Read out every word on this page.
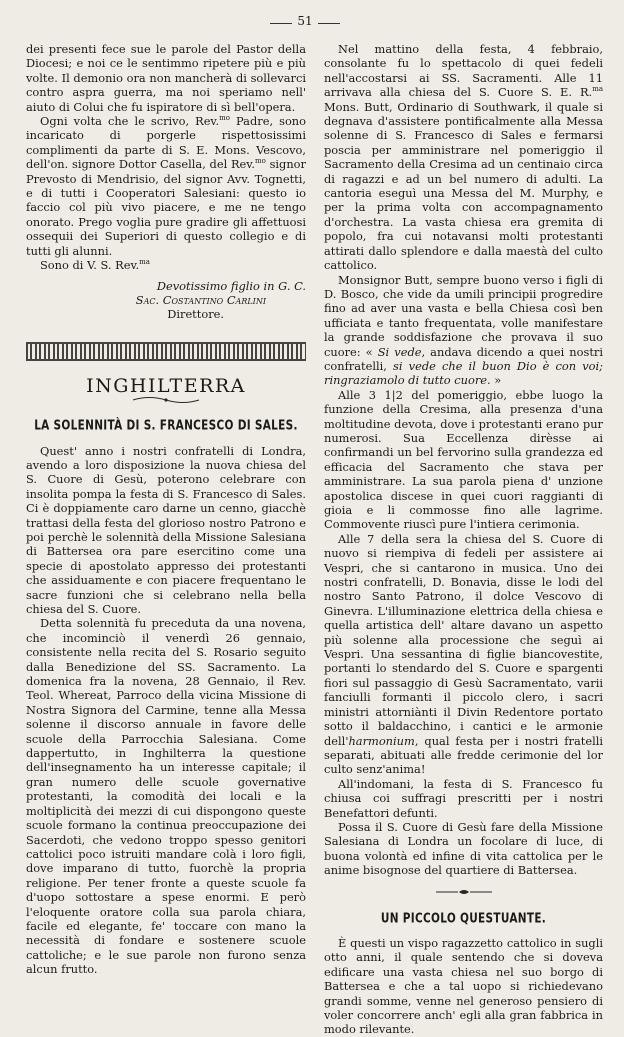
51

dei presenti fece sue le parole del Pastor della Diocesi; e noi ce le sentimmo ripetere più e più volte. Il demonio ora non mancherà di sollevarci contro aspra guerra, ma noi speriamo nell' aiuto di Colui che fu ispiratore di sì bell'opera.

Ogni volta che le scrivo, Rev.$^{mo}$ Padre, sono incaricato di porgerle rispettosissimi complimenti da parte di S. E. Mons. Vescovo, dell'on. signore Dottor Casella, del Rev.$^{mo}$ signor Prevosto di Mendrisio, del signor Avv. Tognetti, e di tutti i Cooperatori Salesiani: questo io faccio col più vivo piacere, e me ne tengo onorato. Prego voglia pure gradire gli affettuosi ossequii dei Superiori di questo collegio e di tutti gli alunni.

Sono di V. S. Rev.$^{ma}$

Devotissimo figlio in G. C.

Sac. Costantino Carlini

Direttore.

INGHILTERRA
LA SOLENNITÀ DI S. FRANCESCO DI SALES.

Quest' anno i nostri confratelli di Londra, avendo a loro disposizione la nuova chiesa del S. Cuore di Gesù, poterono celebrare con insolita pompa la festa di S. Francesco di Sales. Ci è doppiamente caro darne un cenno, giacchè trattasi della festa del glorioso nostro Patrono e poi perchè le solennità della Missione Salesiana di Battersea ora pare esercitino come una specie di apostolato appresso dei protestanti che assiduamente e con piacere frequentano le sacre funzioni che si celebrano nella bella chiesa del S. Cuore.

Detta solennità fu preceduta da una novena, che incominciò il venerdì 26 gennaio, consistente nella recita del S. Rosario seguito dalla Benedizione del SS. Sacramento. La domenica fra la novena, 28 Gennaio, il Rev. Teol. Whereat, Parroco della vicina Missione di Nostra Signora del Carmine, tenne alla Messa solenne il discorso annuale in favore delle scuole della Parrocchia Salesiana. Come dappertutto, in Inghilterra la questione dell'insegnamento ha un interesse capitale; il gran numero delle scuole governative protestanti, la comodità dei locali e la moltiplicità dei mezzi di cui dispongono queste scuole formano la continua preoccupazione dei Sacerdoti, che vedono troppo spesso genitori cattolici poco istruiti mandare colà i loro figli, dove imparano di tutto, fuorchè la propria religione. Per tener fronte a queste scuole fa d'uopo sottostare a spese enormi. E però l'eloquente oratore colla sua parola chiara, facile ed elegante, fe' toccare con mano la necessità di fondare e sostenere scuole cattoliche; e le sue parole non furono senza alcun frutto.

Nel mattino della festa, 4 febbraio, consolante fu lo spettacolo di quei fedeli nell'accostarsi ai SS. Sacramenti. Alle 11 arrivava alla chiesa del S. Cuore S. E. R.$^{ma}$ Mons. Butt, Ordinario di Southwark, il quale si degnava d'assistere pontificalmente alla Messa solenne di S. Francesco di Sales e fermarsi poscia per amministrare nel pomeriggio il Sacramento della Cresima ad un centinaio circa di ragazzi e ad un bel numero di adulti. La cantoria eseguì una Messa del M. Murphy, e per la prima volta con accompagnamento d'orchestra. La vasta chiesa era gremita di popolo, fra cui notavansi molti protestanti attirati dallo splendore e dalla maestà del culto cattolico.

Monsignor Butt, sempre buono verso i figli di D. Bosco, che vide da umili principii progredire fino ad aver una vasta e bella Chiesa così ben ufficiata e tanto frequentata, volle manifestare la grande soddisfazione che provava il suo cuore: « Si vede, andava dicendo a quei nostri confratelli, si vede che il buon Dio è con voi; ringraziamolo di tutto cuore. »

Alle 3 1|2 del pomeriggio, ebbe luogo la funzione della Cresima, alla presenza d'una moltitudine devota, dove i protestanti erano pur numerosi. Sua Eccellenza dirèsse ai confirmandi un bel fervorino sulla grandezza ed efficacia del Sacramento che stava per amministrare. La sua parola piena d' unzione apostolica discese in quei cuori raggianti di gioia e li commosse fino alle lagrime. Commovente riuscì pure l'intiera cerimonia.

Alle 7 della sera la chiesa del S. Cuore di nuovo si riempiva di fedeli per assistere ai Vespri, che si cantarono in musica. Uno dei nostri confratelli, D. Bonavia, disse le lodi del nostro Santo Patrono, il dolce Vescovo di Ginevra. L'illuminazione elettrica della chiesa e quella artistica dell' altare davano un aspetto più solenne alla processione che seguì ai Vespri. Una sessantina di figlie biancovestite, portanti lo stendardo del S. Cuore e spargenti fiori sul passaggio di Gesù Sacramentato, varii fanciulli formanti il piccolo clero, i sacri ministri attorniànti il Divin Redentore portato sotto il baldacchino, i cantici e le armonie dell'harmonium, qual festa per i nostri fratelli separati, abituati alle fredde cerimonie del lor culto senz'anima!

All'indomani, la festa di S. Francesco fu chiusa coi suffragi prescritti per i nostri Benefattori defunti.

Possa il S. Cuore di Gesù fare della Missione Salesiana di Londra un focolare di luce, di buona volontà ed infine di vita cattolica per le anime bisognose del quartiere di Battersea.

UN PICCOLO QUESTUANTE.

È questi un vispo ragazzetto cattolico in sugli otto anni, il quale sentendo che si doveva edificare una vasta chiesa nel suo borgo di Battersea e che a tal uopo si richiedevano grandi somme, venne nel generoso pensiero di voler concorrere anch' egli alla gran fabbrica in modo rilevante.
